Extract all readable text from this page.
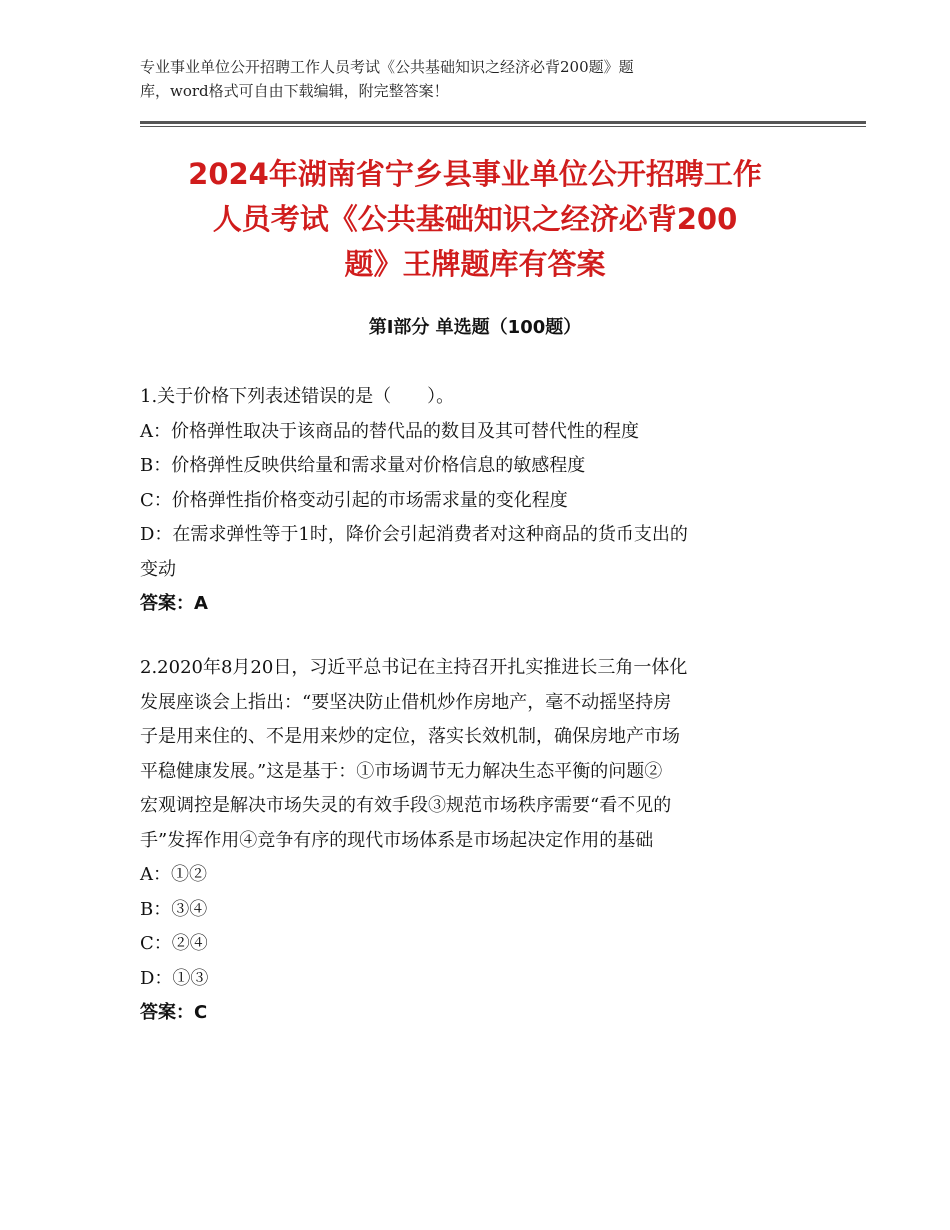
专业事业单位公开招聘工作人员考试《公共基础知识之经济必背200题》题
库，word格式可自由下载编辑，附完整答案！
2024年湖南省宁乡县事业单位公开招聘工作
人员考试《公共基础知识之经济必背200
题》王牌题库有答案
第Ⅰ部分 单选题（100题）
1.关于价格下列表述错误的是（　　）。
A：价格弹性取决于该商品的替代品的数目及其可替代性的程度
B：价格弹性反映供给量和需求量对价格信息的敏感程度
C：价格弹性指价格变动引起的市场需求量的变化程度
D：在需求弹性等于1时，降价会引起消费者对这种商品的货币支出的
变动
答案：A
2.2020年8月20日，习近平总书记在主持召开扎实推进长三角一体化
发展座谈会上指出：“要坚决防止借机炒作房地产，毫不动摇坚持房
子是用来住的、不是用来炒的定位，落实长效机制，确保房地产市场
平稳健康发展。”这是基于：①市场调节无力解决生态平衡的问题②
宏观调控是解决市场失灵的有效手段③规范市场秩序需要“看不见的
手”发挥作用④竞争有序的现代市场体系是市场起决定作用的基础
A：①②
B：③④
C：②④
D：①③
答案：C
